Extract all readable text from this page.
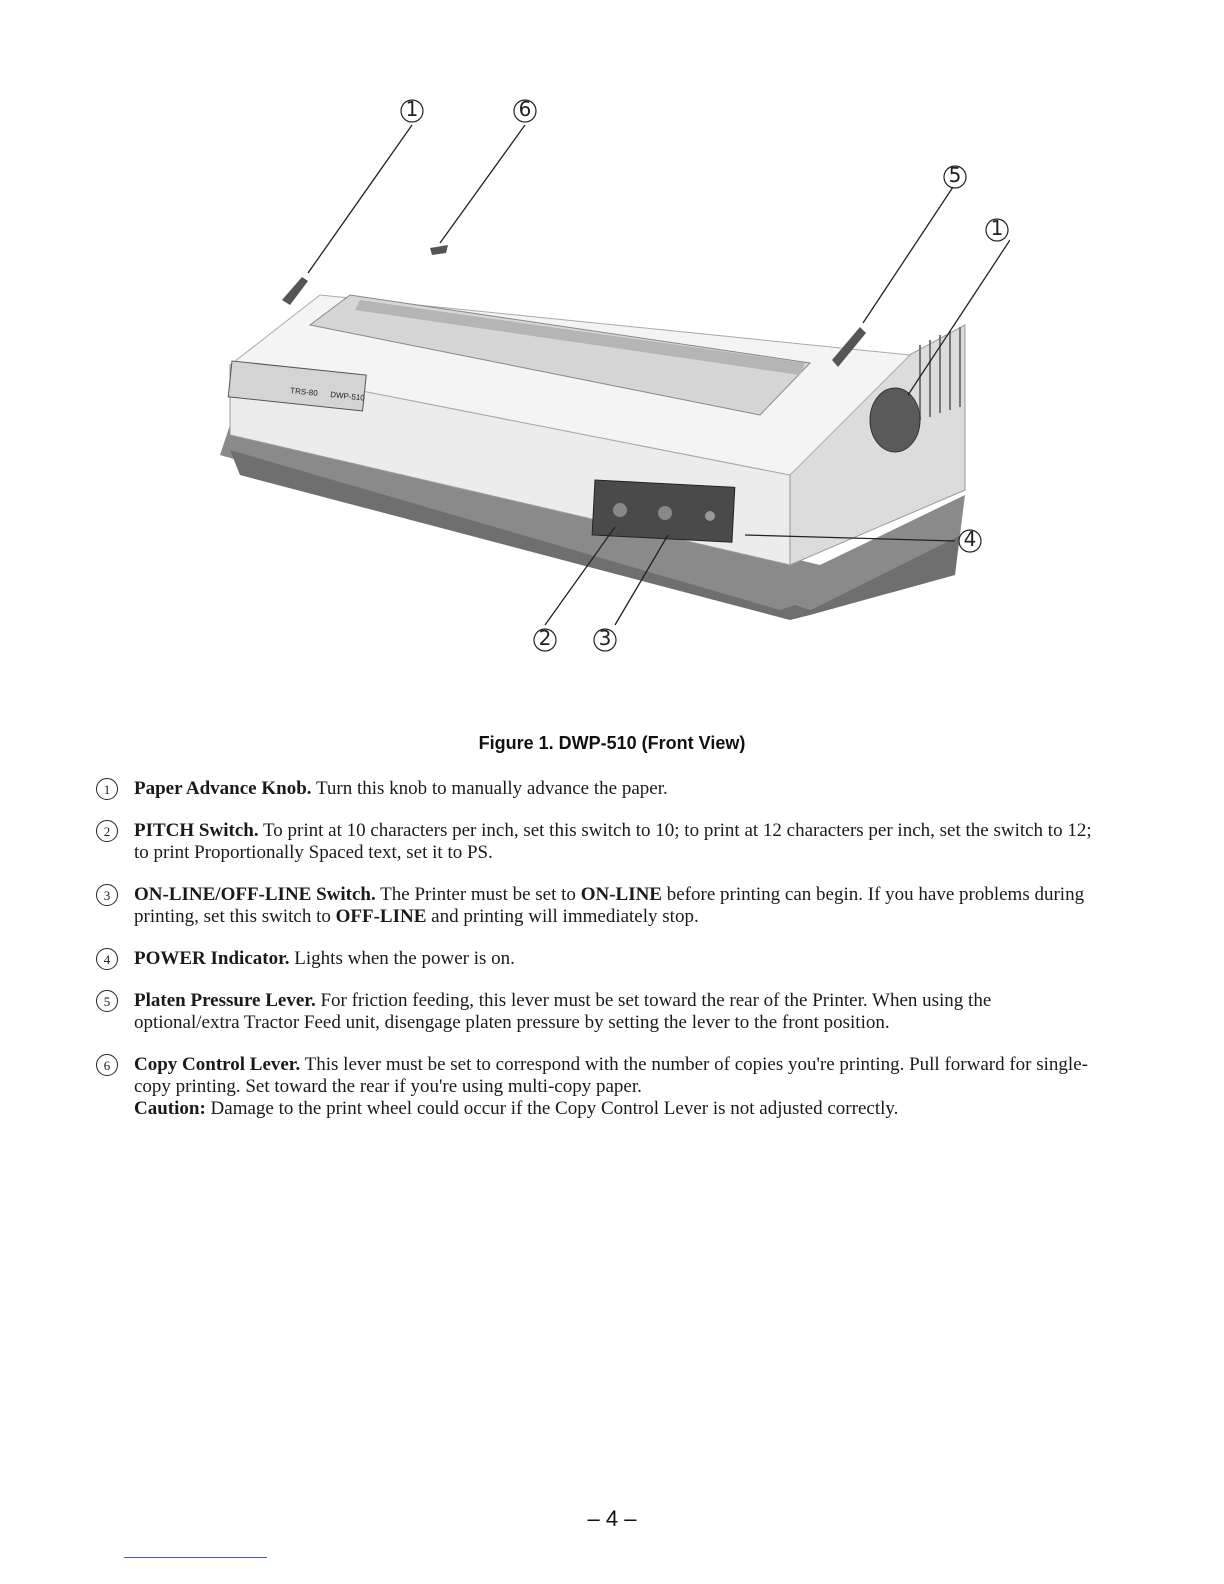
TRS-80 DWP-510
1	6
5
1
4
2 3
Figure 1. DWP-510 (Front View)
1	Paper Advance Knob. Turn this knob to manually advance the paper.
2	PITCH Switch. To print at 10 characters per inch, set this switch to 10; to print at 12 characters per inch, set the switch to 12; to print Proportionally Spaced text, set it to PS.
3	ON-LINE/OFF-LINE Switch. The Printer must be set to ON-LINE before printing can begin. If you have problems during printing, set this switch to OFF-LINE and printing will immediately stop.
4	POWER Indicator. Lights when the power is on.
5	Platen Pressure Lever. For friction feeding, this lever must be set toward the rear of the Printer. When using the optional/extra Tractor Feed unit, disengage platen pressure by setting the lever to the front position.
6	Copy Control Lever. This lever must be set to correspond with the number of copies you're printing. Pull forward for single-copy printing. Set toward the rear if you're using multi-copy paper.
Caution: Damage to the print wheel could occur if the Copy Control Lever is not adjusted correctly.
– 4 –
